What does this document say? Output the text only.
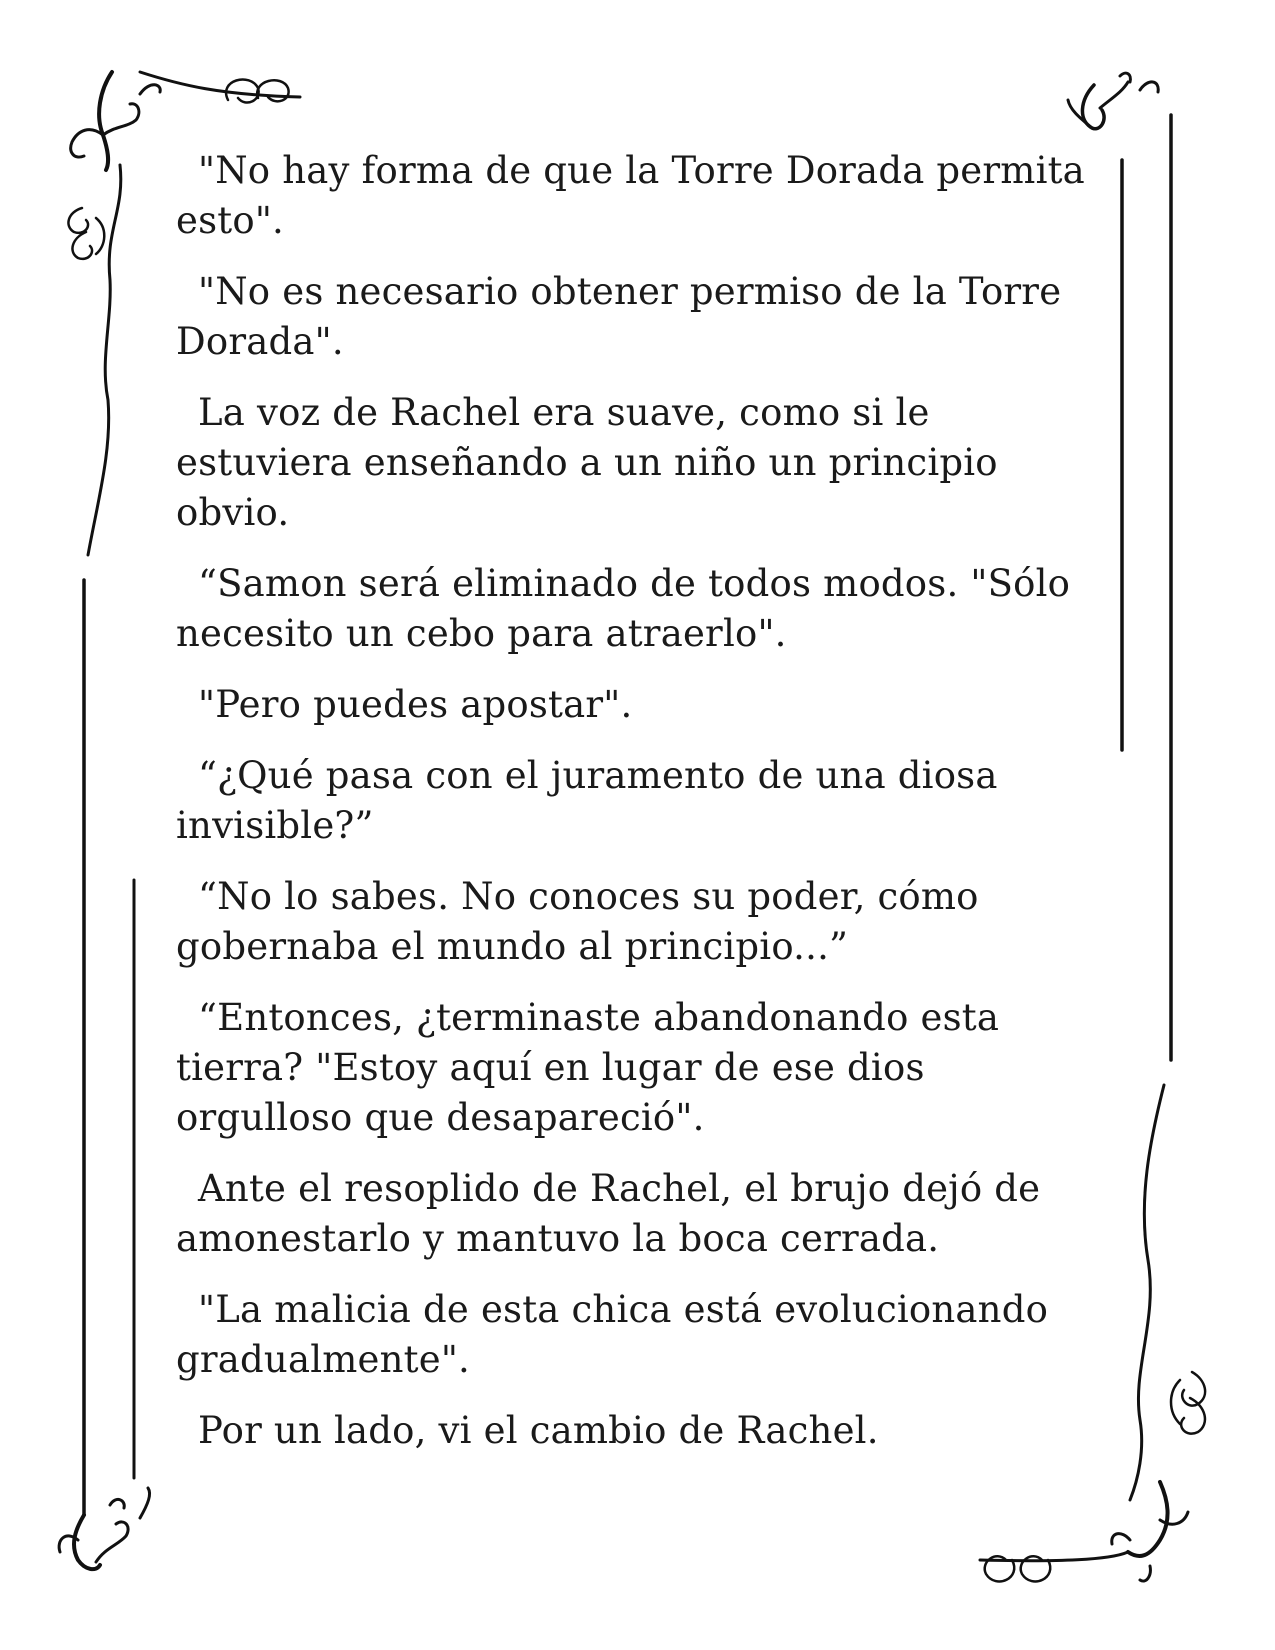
"No hay forma de que la Torre Dorada permita esto".

"No es necesario obtener permiso de la Torre Dorada".

La voz de Rachel era suave, como si le estuviera enseñando a un niño un principio obvio.

“Samon será eliminado de todos modos. "Sólo necesito un cebo para atraerlo".

"Pero puedes apostar".

“¿Qué pasa con el juramento de una diosa invisible?”

“No lo sabes. No conoces su poder, cómo gobernaba el mundo al principio...”

“Entonces, ¿terminaste abandonando esta tierra? "Estoy aquí en lugar de ese dios orgulloso que desapareció".

Ante el resoplido de Rachel, el brujo dejó de amonestarlo y mantuvo la boca cerrada.

"La malicia de esta chica está evolucionando gradualmente".

Por un lado, vi el cambio de Rachel.
